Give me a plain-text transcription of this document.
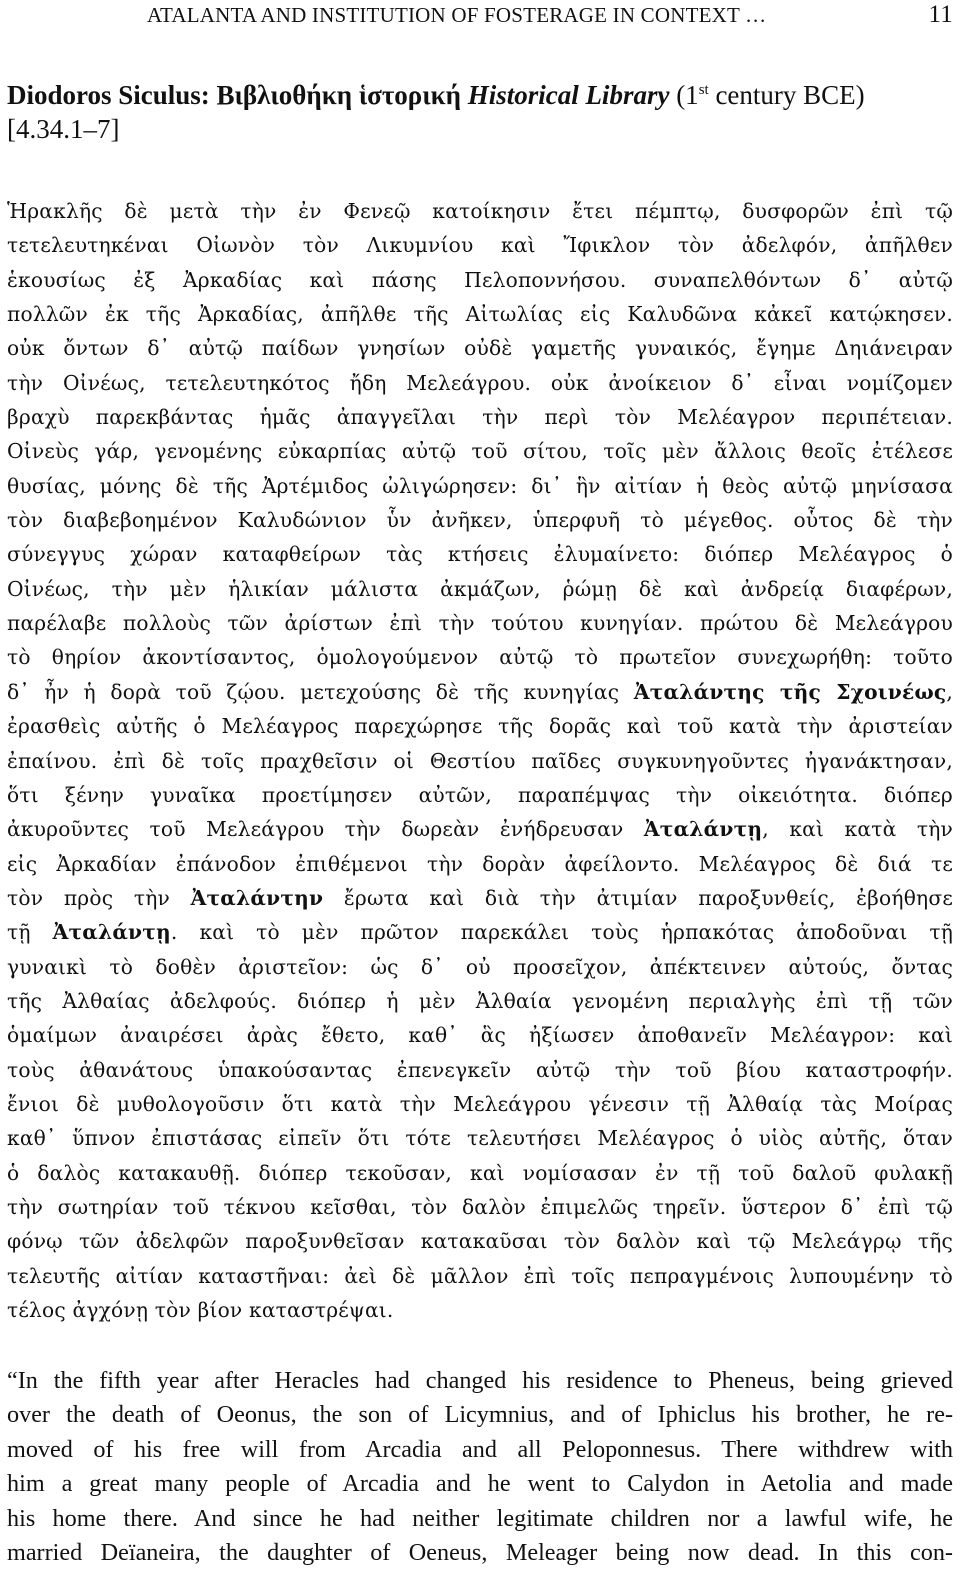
ATALANTA AND INSTITUTION OF FOSTERAGE IN CONTEXT …	11
Diodoros Siculus: Βιβλιοθήκη ἱστορική Historical Library (1st century BCE)
[4.34.1–7]
Ἡρακλῆς δὲ μετὰ τὴν ἐν Φενεῷ κατοίκησιν ἔτει πέμπτῳ, δυσφορῶν ἐπὶ τῷ
τετελευτηκέναι Οἰωνὸν τὸν Λικυμνίου καὶ Ἴφικλον τὸν ἀδελφόν, ἀπῆλθεν
ἑκουσίως ἐξ Ἀρκαδίας καὶ πάσης Πελοποννήσου. συναπελθόντων δ᾽ αὐτῷ
πολλῶν ἐκ τῆς Ἀρκαδίας, ἀπῆλθε τῆς Αἰτωλίας εἰς Καλυδῶνα κἀκεῖ κατῴκησεν.
οὐκ ὄντων δ᾽ αὐτῷ παίδων γνησίων οὐδὲ γαμετῆς γυναικός, ἔγημε Δηιάνειραν
τὴν Οἰνέως, τετελευτηκότος ἤδη Μελεάγρου. οὐκ ἀνοίκειον δ᾽ εἶναι νομίζομεν
βραχὺ παρεκβάντας ἡμᾶς ἀπαγγεῖλαι τὴν περὶ τὸν Μελέαγρον περιπέτειαν.
Οἰνεὺς γάρ, γενομένης εὐκαρπίας αὐτῷ τοῦ σίτου, τοῖς μὲν ἄλλοις θεοῖς ἐτέλεσε
θυσίας, μόνης δὲ τῆς Ἀρτέμιδος ὠλιγώρησεν: δι᾽ ἣν αἰτίαν ἡ θεὸς αὐτῷ μηνίσασα
τὸν διαβεβοημένον Καλυδώνιον ὗν ἀνῆκεν, ὑπερφυῆ τὸ μέγεθος. οὗτος δὲ τὴν
σύνεγγυς χώραν καταφθείρων τὰς κτήσεις ἐλυμαίνετο: διόπερ Μελέαγρος ὁ
Οἰνέως, τὴν μὲν ἡλικίαν μάλιστα ἀκμάζων, ῥώμῃ δὲ καὶ ἀνδρείᾳ διαφέρων,
παρέλαβε πολλοὺς τῶν ἀρίστων ἐπὶ τὴν τούτου κυνηγίαν. πρώτου δὲ Μελεάγρου
τὸ θηρίον ἀκοντίσαντος, ὁμολογούμενον αὐτῷ τὸ πρωτεῖον συνεχωρήθη: τοῦτο
δ᾽ ἦν ἡ δορὰ τοῦ ζῴου. μετεχούσης δὲ τῆς κυνηγίας Ἀταλάντης τῆς Σχοινέως,
ἐρασθεὶς αὐτῆς ὁ Μελέαγρος παρεχώρησε τῆς δορᾶς καὶ τοῦ κατὰ τὴν ἀριστείαν
ἐπαίνου. ἐπὶ δὲ τοῖς πραχθεῖσιν οἱ Θεστίου παῖδες συγκυνηγοῦντες ἠγανάκτησαν,
ὅτι ξένην γυναῖκα προετίμησεν αὐτῶν, παραπέμψας τὴν οἰκειότητα. διόπερ
ἀκυροῦντες τοῦ Μελεάγρου τὴν δωρεὰν ἐνήδρευσαν Ἀταλάντῃ, καὶ κατὰ τὴν
εἰς Ἀρκαδίαν ἐπάνοδον ἐπιθέμενοι τὴν δορὰν ἀφείλοντο. Μελέαγρος δὲ διά τε
τὸν πρὸς τὴν Ἀταλάντην ἔρωτα καὶ διὰ τὴν ἀτιμίαν παροξυνθείς, ἐβοήθησε
τῇ Ἀταλάντῃ. καὶ τὸ μὲν πρῶτον παρεκάλει τοὺς ἡρπακότας ἀποδοῦναι τῇ
γυναικὶ τὸ δοθὲν ἀριστεῖον: ὡς δ᾽ οὐ προσεῖχον, ἀπέκτεινεν αὐτούς, ὄντας
τῆς Ἀλθαίας ἀδελφούς. διόπερ ἡ μὲν Ἀλθαία γενομένη περιαλγὴς ἐπὶ τῇ τῶν
ὁμαίμων ἀναιρέσει ἀρὰς ἔθετο, καθ᾽ ἃς ἠξίωσεν ἀποθανεῖν Μελέαγρον: καὶ
τοὺς ἀθανάτους ὑπακούσαντας ἐπενεγκεῖν αὐτῷ τὴν τοῦ βίου καταστροφήν.
ἔνιοι δὲ μυθολογοῦσιν ὅτι κατὰ τὴν Μελεάγρου γένεσιν τῇ Ἀλθαίᾳ τὰς Μοίρας
καθ᾽ ὕπνον ἐπιστάσας εἰπεῖν ὅτι τότε τελευτήσει Μελέαγρος ὁ υἱὸς αὐτῆς, ὅταν
ὁ δαλὸς κατακαυθῇ. διόπερ τεκοῦσαν, καὶ νομίσασαν ἐν τῇ τοῦ δαλοῦ φυλακῇ
τὴν σωτηρίαν τοῦ τέκνου κεῖσθαι, τὸν δαλὸν ἐπιμελῶς τηρεῖν. ὕστερον δ᾽ ἐπὶ τῷ
φόνῳ τῶν ἀδελφῶν παροξυνθεῖσαν κατακαῦσαι τὸν δαλὸν καὶ τῷ Μελεάγρῳ τῆς
τελευτῆς αἰτίαν καταστῆναι: ἀεὶ δὲ μᾶλλον ἐπὶ τοῖς πεπραγμένοις λυπουμένην τὸ
τέλος ἀγχόνῃ τὸν βίον καταστρέψαι.
“In the fifth year after Heracles had changed his residence to Pheneus, being grieved
over the death of Oeonus, the son of Licymnius, and of Iphiclus his brother, he re-
moved of his free will from Arcadia and all Peloponnesus. There withdrew with
him a great many people of Arcadia and he went to Calydon in Aetolia and made
his home there. And since he had neither legitimate children nor a lawful wife, he
married Deïaneira, the daughter of Oeneus, Meleager being now dead. In this con-
